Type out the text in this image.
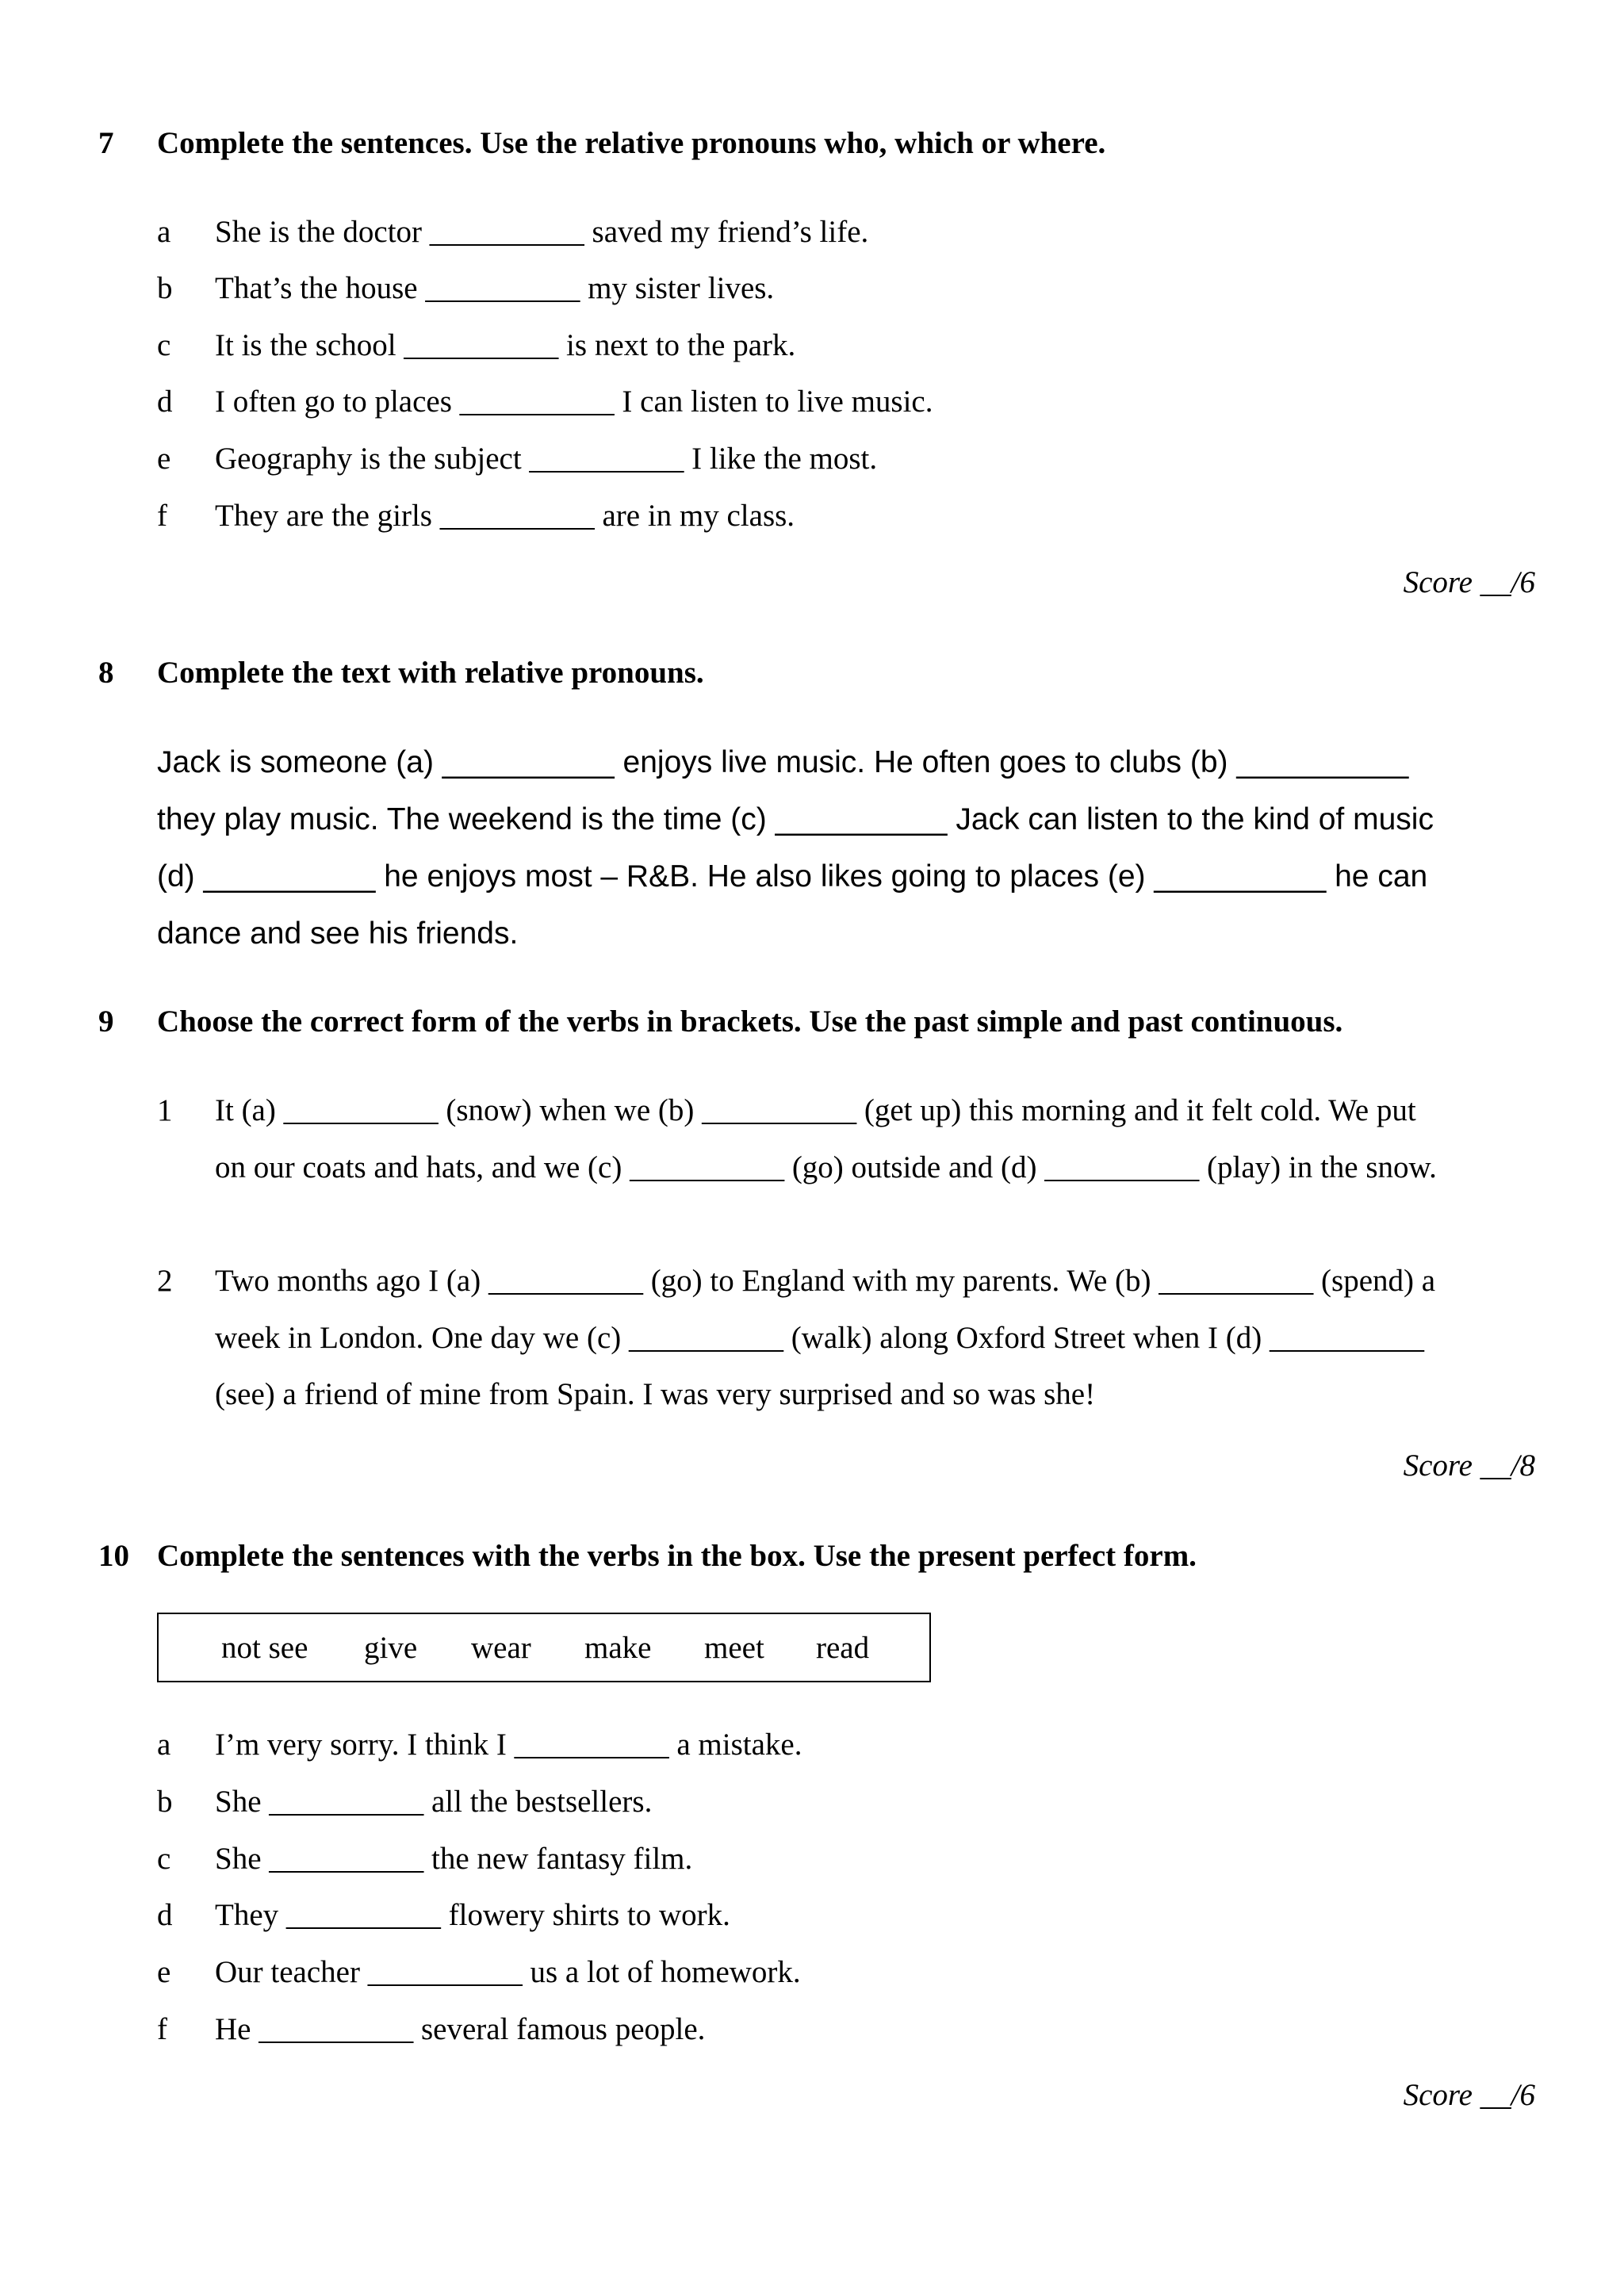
7 Complete the sentences. Use the relative pronouns who, which or where.
a She is the doctor __________ saved my friend’s life.
b That’s the house __________ my sister lives.
c It is the school __________ is next to the park.
d I often go to places __________ I can listen to live music.
e Geography is the subject __________ I like the most.
f They are the girls __________ are in my class.
Score __/6
8 Complete the text with relative pronouns.
Jack is someone (a) __________ enjoys live music. He often goes to clubs (b) __________
they play music. The weekend is the time (c) __________ Jack can listen to the kind of music
(d) __________ he enjoys most – R&B. He also likes going to places (e) __________ he can
dance and see his friends.
9 Choose the correct form of the verbs in brackets. Use the past simple and past continuous.
1 It (a) __________ (snow) when we (b) __________ (get up) this morning and it felt cold. We put
on our coats and hats, and we (c) __________ (go) outside and (d) __________ (play) in the snow.
2 Two months ago I (a) __________ (go) to England with my parents. We (b) __________ (spend) a
week in London. One day we (c) __________ (walk) along Oxford Street when I (d) __________
(see) a friend of mine from Spain. I was very surprised and so was she!
Score __/8
10 Complete the sentences with the verbs in the box. Use the present perfect form.
not see give wear make meet read
a I’m very sorry. I think I __________ a mistake.
b She __________ all the bestsellers.
c She __________ the new fantasy film.
d They __________ flowery shirts to work.
e Our teacher __________ us a lot of homework.
f He __________ several famous people.
Score __/6
